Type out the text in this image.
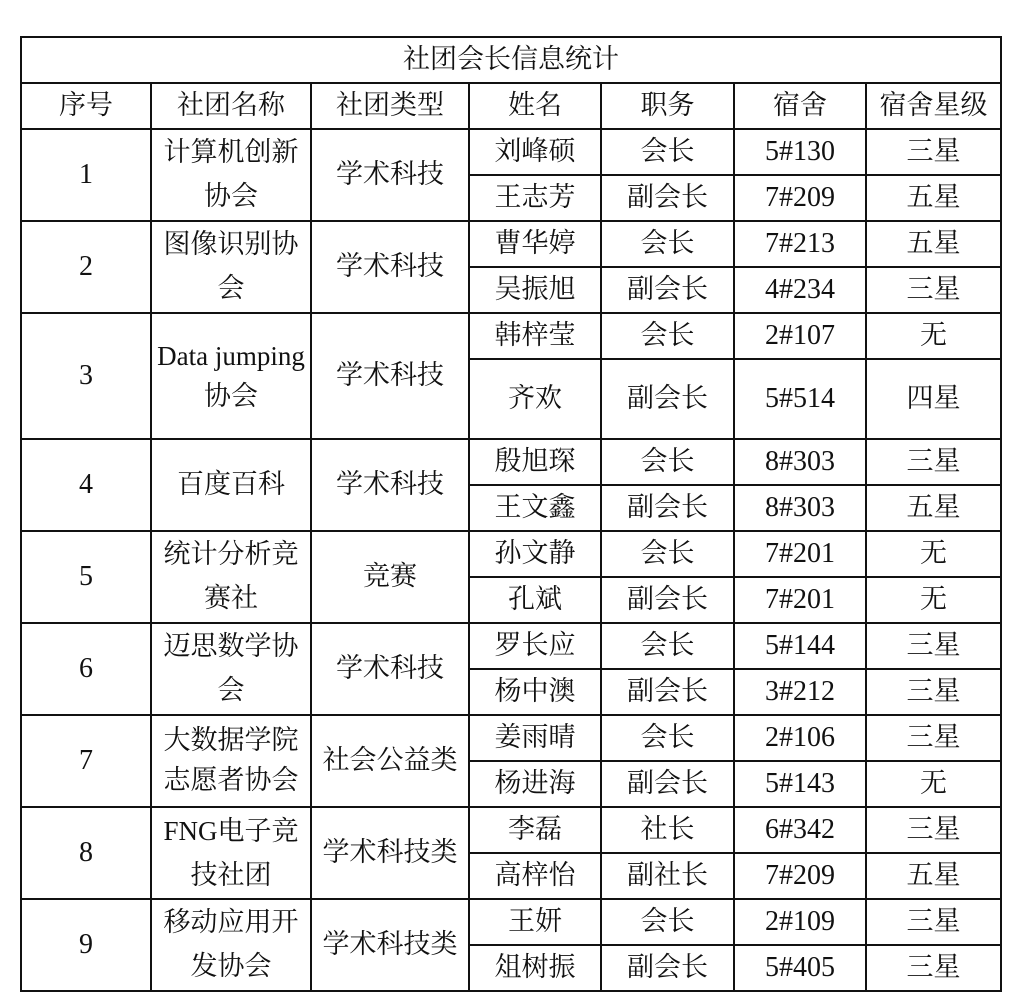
社团会长信息统计						
序号	社团名称	社团类型	姓名	职务	宿舍	宿舍星级
1	计算机创新协会	学术科技	刘峰硕	会长	5#130	三星
			王志芳	副会长	7#209	五星
2	图像识别协会	学术科技	曹华婷	会长	7#213	五星
			吴振旭	副会长	4#234	三星
3	Data jumping协会	学术科技	韩梓莹	会长	2#107	无
			齐欢	副会长	5#514	四星
4	百度百科	学术科技	殷旭琛	会长	8#303	三星
			王文鑫	副会长	8#303	五星
5	统计分析竞赛社	竞赛	孙文静	会长	7#201	无
			孔斌	副会长	7#201	无
6	迈思数学协会	学术科技	罗长应	会长	5#144	三星
			杨中澳	副会长	3#212	三星
7	大数据学院志愿者协会	社会公益类	姜雨晴	会长	2#106	三星
			杨进海	副会长	5#143	无
8	FNG电子竞技社团	学术科技类	李磊	社长	6#342	三星
			高梓怡	副社长	7#209	五星
9	移动应用开发协会	学术科技类	王妍	会长	2#109	三星
			俎树振	副会长	5#405	三星
